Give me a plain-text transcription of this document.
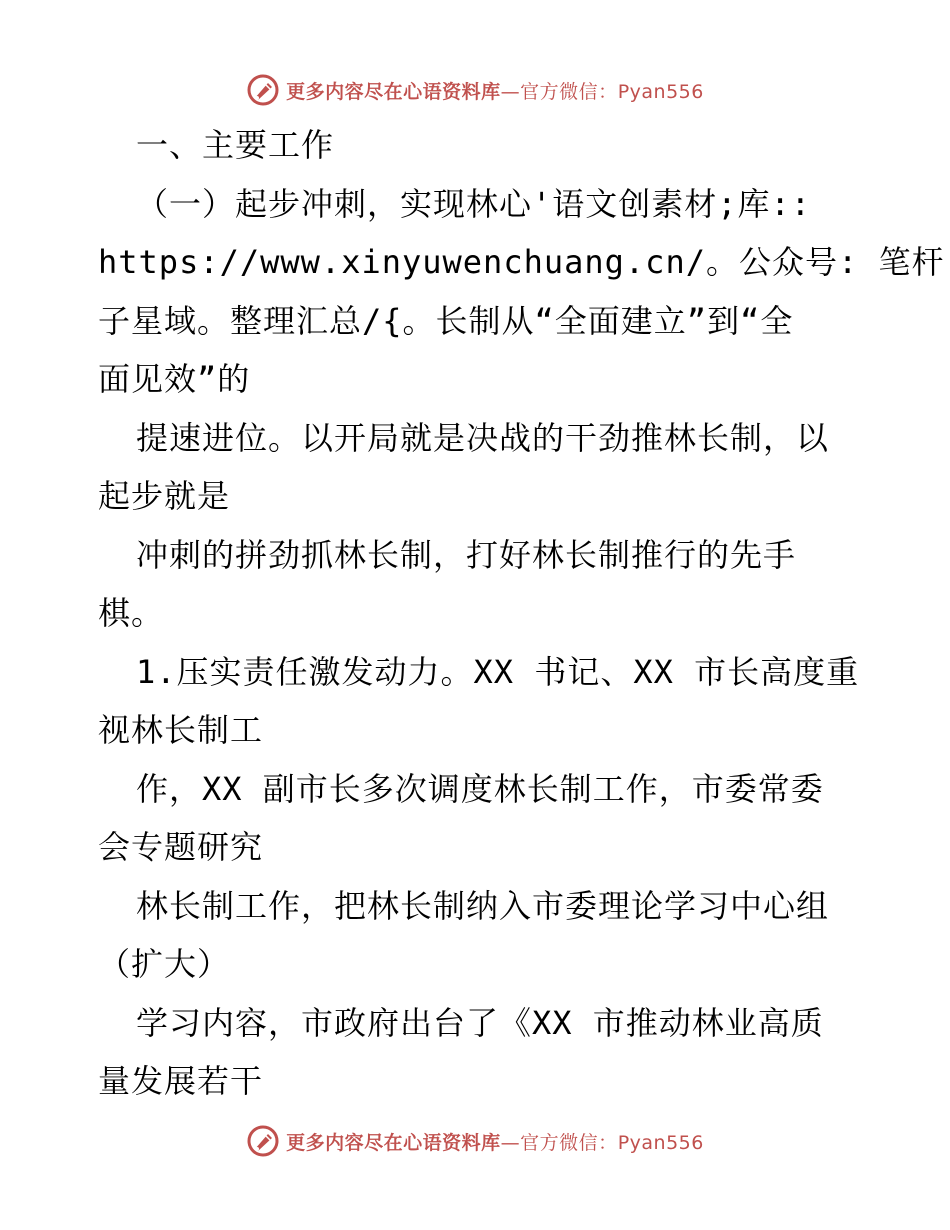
更多内容尽在心语资料库—官方微信：Pyan556
一、主要工作
（一）起步冲刺，实现林心'语文创素材;库::
https://www.xinyuwenchuang.cn/。公众号: 笔杆
子星域。整理汇总/{。长制从“全面建立”到“全
面见效”的
提速进位。以开局就是决战的干劲推林长制，以
起步就是
冲刺的拼劲抓林长制，打好林长制推行的先手
棋。
1.压实责任激发动力。XX 书记、XX 市长高度重
视林长制工
作，XX 副市长多次调度林长制工作，市委常委
会专题研究
林长制工作，把林长制纳入市委理论学习中心组
（扩大）
学习内容，市政府出台了《XX 市推动林业高质
量发展若干
更多内容尽在心语资料库—官方微信：Pyan556
